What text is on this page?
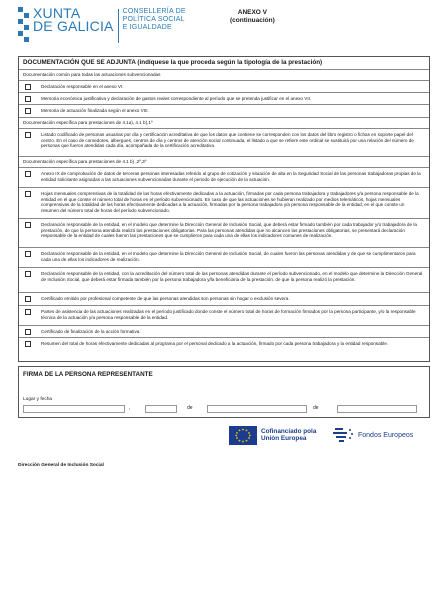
XUNTA
DE GALICIA
CONSELLERÍA DE
POLÍTICA SOCIAL
E IGUALDADE
ANEXO V
(continuación)
DOCUMENTACIÓN QUE SE ADJUNTA (indíquese la que proceda según la tipología de la prestación)
Documentación común para todas las actuaciones subvencionadas
Declaración responsable en el anexo VI.
Memoria económica justificativa y declaración de gastos reales correspondiente al período que se pretenda justificar en el anexo VII.
Memoria de actuación finalizada según el anexo VIII.
Documentación específica para prestaciones de 4.1a), 4.1 b),1º
Listado codificado de personas usuarias por día y certificación acreditativa de que los datos que contiene se corresponden con los datos del libro registro o fichas en soporte papel del centro. En el caso de comedores, albergues, centros de día y centros de atención social continuada, el listado a que se refiere este ordinal se sustituirá por una relación del número de personas que fueron atendidas cada día, acompañada de la certificación acreditativa.
Documentación específica para prestaciones de 4.1 b) ,2º,3º
Anexo IX de comprobación de datos de terceras personas interesadas referido al grupo de cotización y situación de alta en la Seguridad Social de las personas trabajadoras propias de la entidad solicitante asignadas a las actuaciones subvencionadas durante el periodo de ejecución de la actuación.
Hojas mensuales comprensivas de la totalidad de las horas efectivamente dedicadas a la actuación, firmadas por cada persona trabajadora y trabajadores y/a persona responsable de la entidad en el que conste el número total de horas en el período subvencionado. En caso de que las actuaciones se hubieran realizado por medios telemáticos, hojas mensuales comprensivas de la totalidad de las horas efectivamente dedicadas a la actuación, firmadas por la persona trabajadora y/a persona responsable de la entidad, en el que conste un resumen del número total de horas del período subvencionado.
Declaración responsable de la entidad, en el modelo que determine la Dirección General de Inclusión Social, que deberá estar firmado también por cada trabajador y/o trabajadora de la prestación, de que la persona atendida realizó las prestaciones obligatorias. Para las personas atendidas que no alcancen las prestaciones obligatorias, se presentará declaración responsable de la entidad de cuales fueron las prestaciones que se cumplieron para cada una de ellas los indicadores comunes de realización.
Declaración responsable de la entidad, en el modelo que determine la Dirección General de Inclusión Social, de cuales fueron las personas atendidas y de que se cumplimentaron para cada una de ellas los indicadores de realización.
Declaración responsable de la entidad, con la acreditación del número total de las personas atendidas durante el período subvencionado, en el modelo que determine la Dirección General de Inclusión Social, que deberá estar firmada también por la persona trabajadora y/la beneficiaria de la prestación, de que la persona realizó la prestación.
Certificado emitido por profesional competente de que las personas atendidas son personas sin hogar o exclusión severa.
Partes de asistencia de las actuaciones realizadas en el período justificado donde conste el número total de horas de formación firmados por la persona participante, y/o la responsable técnica de la actuación y/a persona responsable de la entidad.
Certificado de finalización de la acción formativa.
Resumen del total de horas efectivamente dedicadas al programa por el personal dedicado a la actuación, firmado por cada persona trabajadora y la entidad responsable.
FIRMA DE LA PERSONA REPRESENTANTE
Lugar y fecha
,	de	de
Cofinanciado pola
Unión Europea	Fondos Europeos
Dirección General de Inclusión Social
